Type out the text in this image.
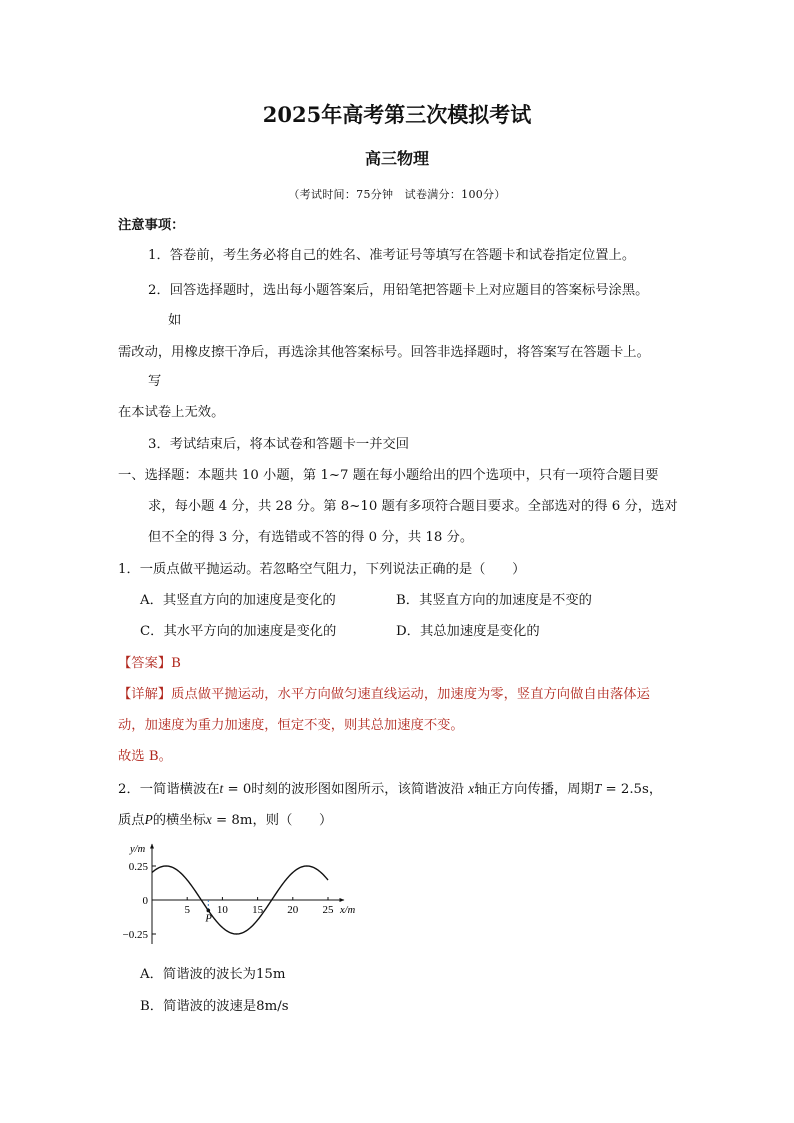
2025年高考第三次模拟考试
高三物理
（考试时间：75分钟　试卷满分：100分）
注意事项：
1．答卷前，考生务必将自己的姓名、准考证号等填写在答题卡和试卷指定位置上。
2．回答选择题时，选出每小题答案后，用铅笔把答题卡上对应题目的答案标号涂黑。
如
需改动，用橡皮擦干净后，再选涂其他答案标号。回答非选择题时，将答案写在答题卡上。
写
在本试卷上无效。
3．考试结束后，将本试卷和答题卡一并交回
一、选择题：本题共 10 小题，第 1~7 题在每小题给出的四个选项中，只有一项符合题目要
求，每小题 4 分，共 28 分。第 8~10 题有多项符合题目要求。全部选对的得 6 分，选对
但不全的得 3 分，有选错或不答的得 0 分，共 18 分。
1．一质点做平抛运动。若忽略空气阻力，下列说法正确的是（　　）
A．其竖直方向的加速度是变化的	B．其竖直方向的加速度是不变的
C．其水平方向的加速度是变化的	D．其总加速度是变化的
【答案】B
【详解】质点做平抛运动，水平方向做匀速直线运动，加速度为零，竖直方向做自由落体运
动，加速度为重力加速度，恒定不变，则其总加速度不变。
故选 B。
2．一简谐横波在t = 0时刻的波形图如图所示，该简谐波沿 x轴正方向传播，周期T = 2.5s，
质点P的横坐标x = 8m，则（　　）
0.25
0
−0.25
5 10 15 20 25 x/m
y/m
P
A．简谐波的波长为15m
B．简谐波的波速是8m/s
